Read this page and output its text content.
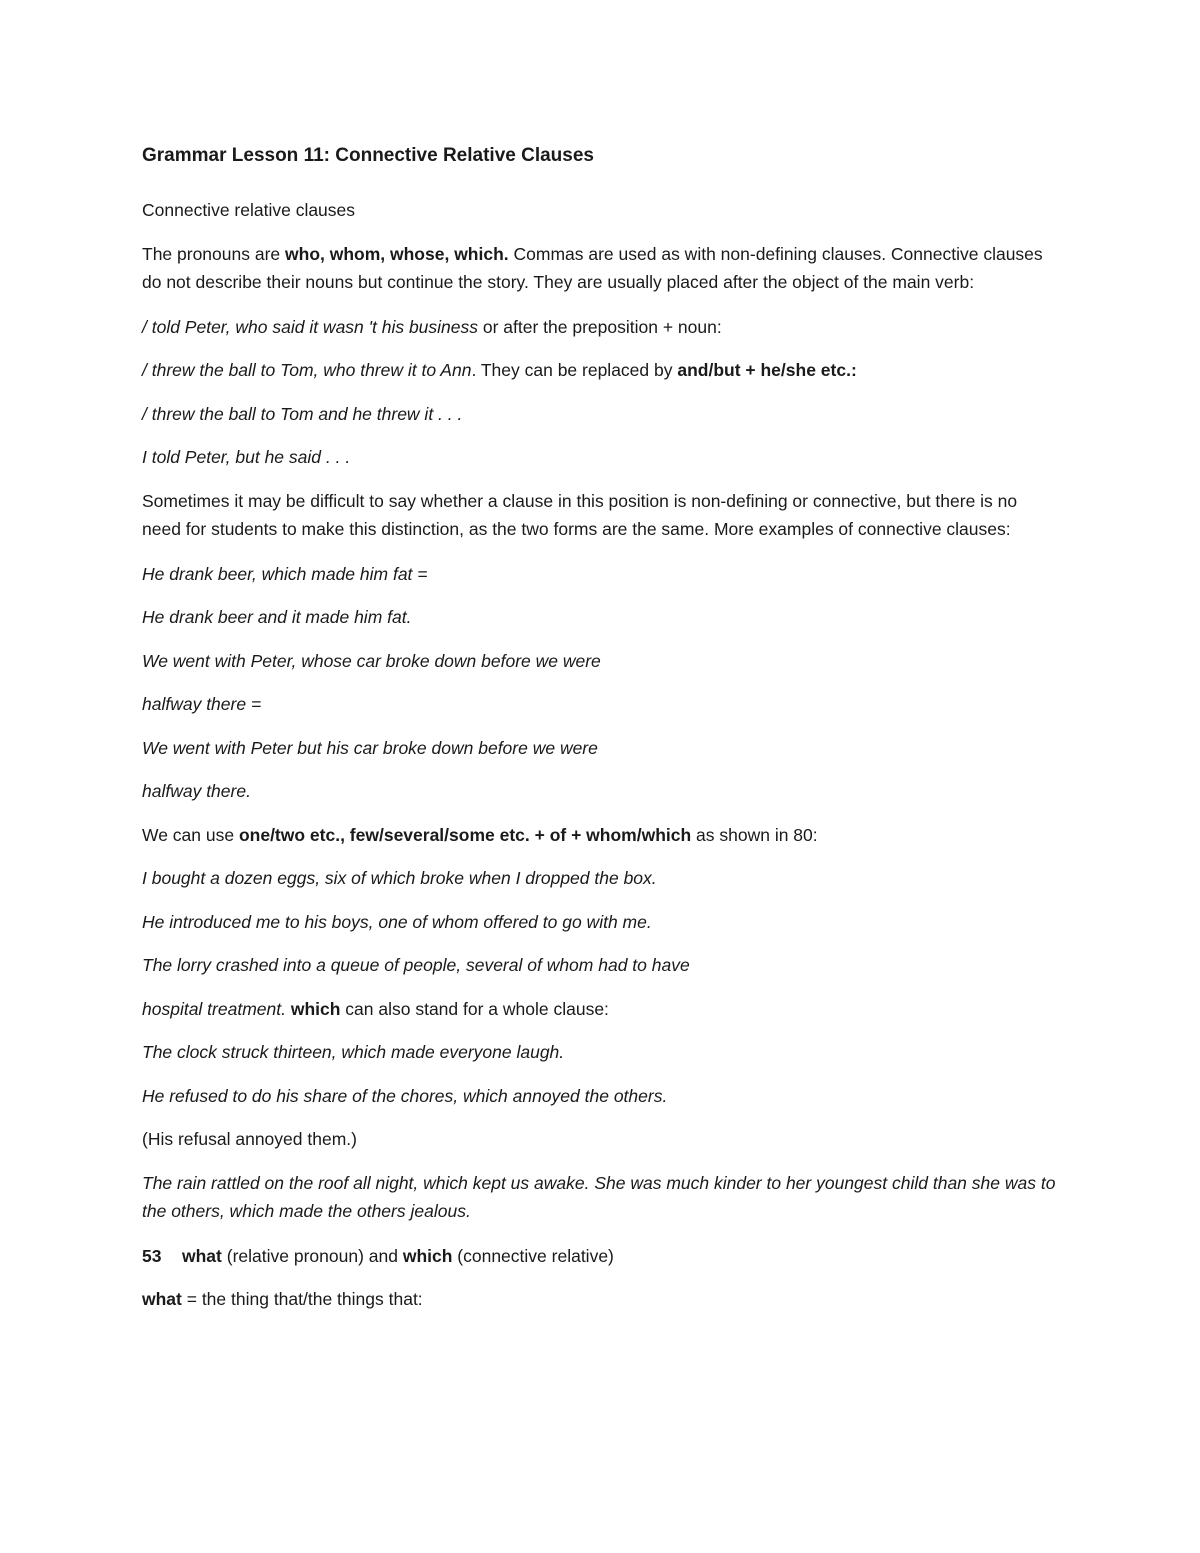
Grammar Lesson 11: Connective Relative Clauses

Connective relative clauses

The pronouns are who, whom, whose, which. Commas are used as with non-defining clauses. Connective clauses do not describe their nouns but continue the story. They are usually placed after the object of the main verb:

/ told Peter, who said it wasn 't his business or after the preposition + noun:

/ threw the ball to Tom, who threw it to Ann. They can be replaced by and/but + he/she etc.:

/ threw the ball to Tom and he threw it . . .

I told Peter, but he said . . .

Sometimes it may be difficult to say whether a clause in this position is non-defining or connective, but there is no need for students to make this distinction, as the two forms are the same. More examples of connective clauses:

He drank beer, which made him fat =

He drank beer and it made him fat.

We went with Peter, whose car broke down before we were

halfway there =

We went with Peter but his car broke down before we were

halfway there.

We can use one/two etc., few/several/some etc. + of + whom/which as shown in 80:

I bought a dozen eggs, six of which broke when I dropped the box.

He introduced me to his boys, one of whom offered to go with me.

The lorry crashed into a queue of people, several of whom had to have

hospital treatment. which can also stand for a whole clause:

The clock struck thirteen, which made everyone laugh.

He refused to do his share of the chores, which annoyed the others.

(His refusal annoyed them.)

The rain rattled on the roof all night, which kept us awake. She was much kinder to her youngest child than she was to the others, which made the others jealous.

53 what (relative pronoun) and which (connective relative)

what = the thing that/the things that:
